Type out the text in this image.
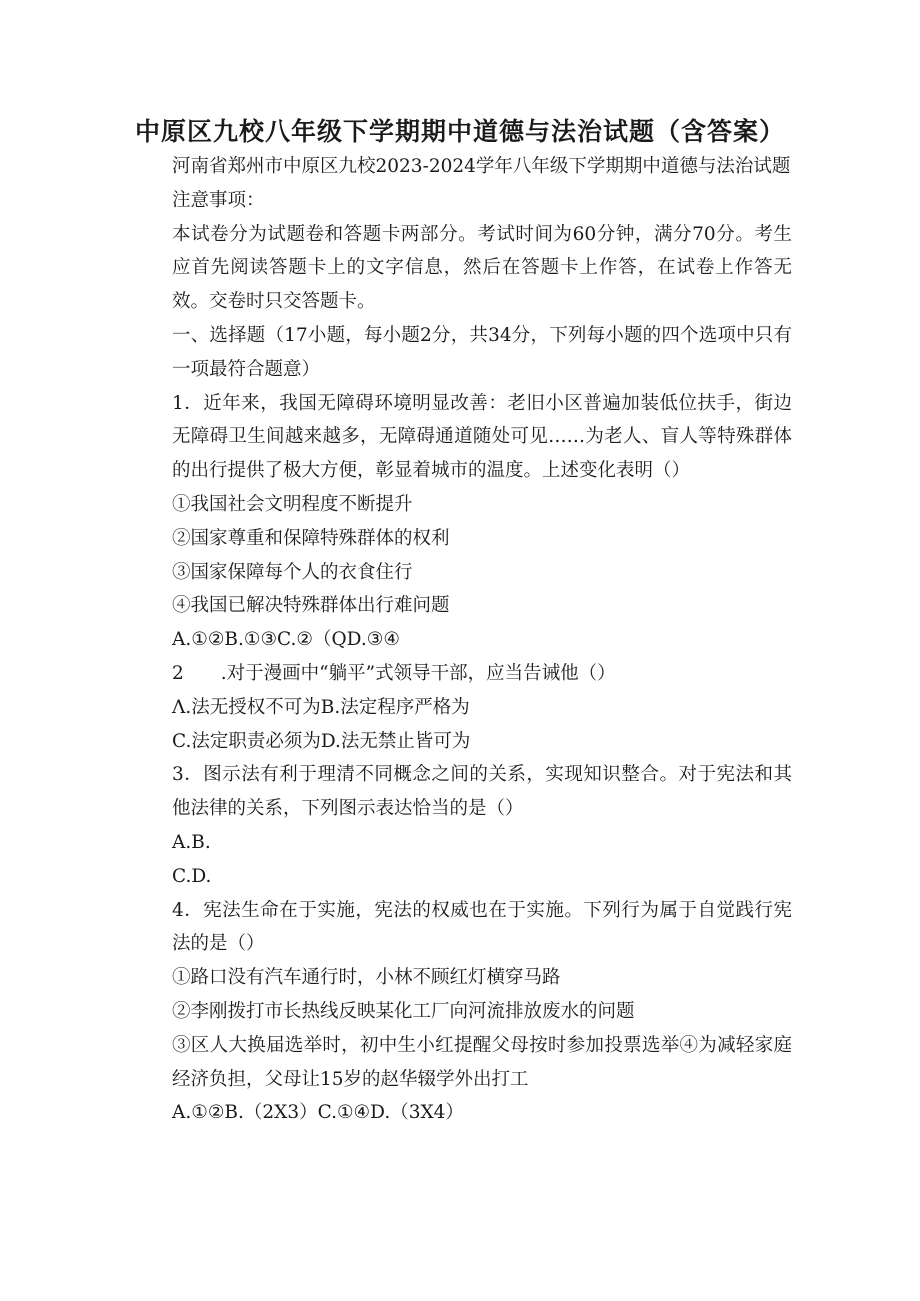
中原区九校八年级下学期期中道德与法治试题（含答案）

河南省郑州市中原区九校2023-2024学年八年级下学期期中道德与法治试题

注意事项：

本试卷分为试题卷和答题卡两部分。考试时间为60分钟，满分70分。考生应首先阅读答题卡上的文字信息，然后在答题卡上作答，在试卷上作答无效。交卷时只交答题卡。

一、选择题（17小题，每小题2分，共34分，下列每小题的四个选项中只有一项最符合题意）

1．近年来，我国无障碍环境明显改善：老旧小区普遍加装低位扶手，街边无障碍卫生间越来越多，无障碍通道随处可见……为老人、盲人等特殊群体的出行提供了极大方便，彰显着城市的温度。上述变化表明（）

①我国社会文明程度不断提升

②国家尊重和保障特殊群体的权利

③国家保障每个人的衣食住行

④我国已解决特殊群体出行难问题

A.①②B.①③C.②（QD.③④

2　　.对于漫画中“躺平”式领导干部，应当告诫他（）

Λ.法无授权不可为B.法定程序严格为

C.法定职责必须为D.法无禁止皆可为

3．图示法有利于理清不同概念之间的关系，实现知识整合。对于宪法和其他法律的关系，下列图示表达恰当的是（）

A.B.

C.D.

4．宪法生命在于实施，宪法的权威也在于实施。下列行为属于自觉践行宪法的是（）

①路口没有汽车通行时，小林不顾红灯横穿马路

②李刚拨打市长热线反映某化工厂向河流排放废水的问题

③区人大换届选举时，初中生小红提醒父母按时参加投票选举④为减轻家庭经济负担，父母让15岁的赵华辍学外出打工

A.①②B.（2X3）C.①④D.（3X4）
